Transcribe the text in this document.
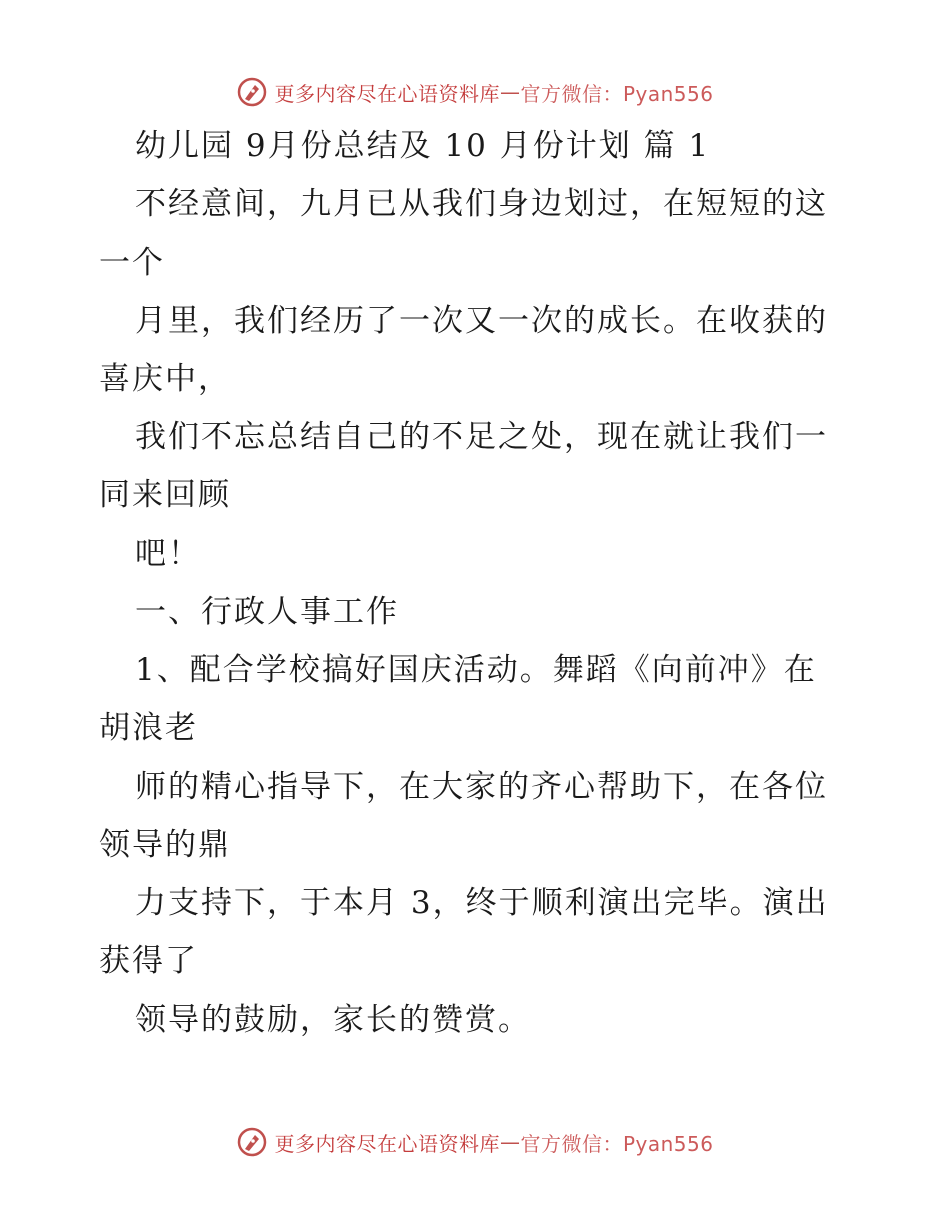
更多内容尽在心语资料库 — 官方微信：Pyan556
幼儿园 9月份总结及 10 月份计划 篇 1
不经意间，九月已从我们身边划过，在短短的这
一个
月里，我们经历了一次又一次的成长。在收获的
喜庆中，
我们不忘总结自己的不足之处，现在就让我们一
同来回顾
吧！
一、行政人事工作
1、配合学校搞好国庆活动。舞蹈《向前冲》在
胡浪老
师的精心指导下，在大家的齐心帮助下，在各位
领导的鼎
力支持下，于本月 3，终于顺利演出完毕。演出
获得了
领导的鼓励，家长的赞赏。
更多内容尽在心语资料库 — 官方微信：Pyan556
